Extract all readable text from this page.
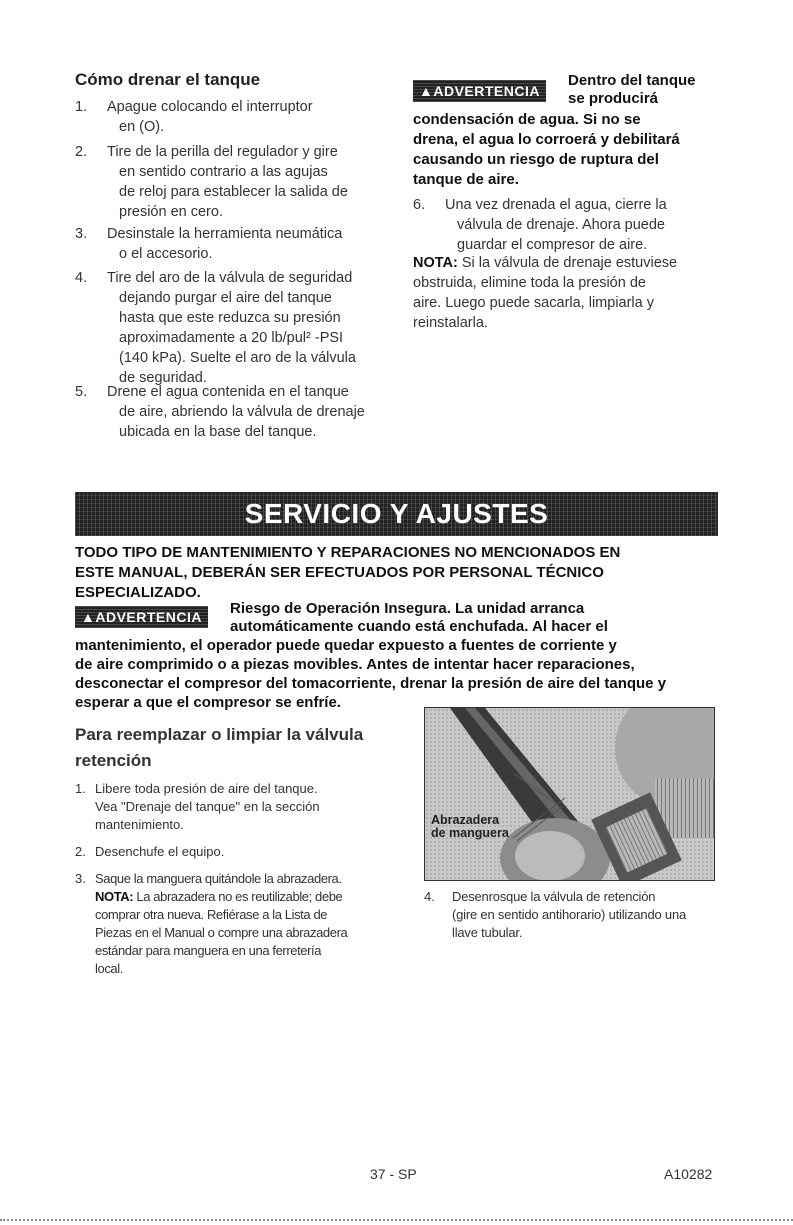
Cómo drenar el tanque
1. Apague colocando el interruptor
en (O).
2. Tire de la perilla del regulador y gire
en sentido contrario a las agujas
de reloj para establecer la salida de
presión en cero.
3. Desinstale la herramienta neumática
o el accesorio.
4. Tire del aro de la válvula de seguridad
dejando purgar el aire del tanque
hasta que este reduzca su presión
aproximadamente a 20 lb/pul² -PSI
(140 kPa). Suelte el aro de la válvula
de seguridad.
5. Drene el agua contenida en el tanque
de aire, abriendo la válvula de drenaje
ubicada en la base del tanque.
▲ADVERTENCIA
Dentro del tanque
se producirá
condensación de agua. Si no se
drena, el agua lo corroerá y debilitará
causando un riesgo de ruptura del
tanque de aire.
6. Una vez drenada el agua, cierre la
válvula de drenaje. Ahora puede
guardar el compresor de aire.
NOTA: Si la válvula de drenaje estuviese
obstruida, elimine toda la presión de
aire. Luego puede sacarla, limpiarla y
reinstalarla.
SERVICIO Y AJUSTES
TODO TIPO DE MANTENIMIENTO Y REPARACIONES NO MENCIONADOS EN
ESTE MANUAL, DEBERÁN SER EFECTUADOS POR PERSONAL TÉCNICO
ESPECIALIZADO.
▲ADVERTENCIA	Riesgo de Operación Insegura. La unidad arranca
automáticamente cuando está enchufada. Al hacer el
mantenimiento, el operador puede quedar expuesto a fuentes de corriente y
de aire comprimido o a piezas movibles. Antes de intentar hacer reparaciones,
desconectar el compresor del tomacorriente, drenar la presión de aire del tanque y
esperar a que el compresor se enfríe.
Para reemplazar o limpiar la válvula
retención
1. Libere toda presión de aire del tanque.
Vea "Drenaje del tanque" en la sección
mantenimiento.
2. Desenchufe el equipo.
3. Saque la manguera quitándole la abrazadera.
NOTA: La abrazadera no es reutilizable; debe
comprar otra nueva. Refiérase a la Lista de
Piezas en el Manual o compre una abrazadera
estándar para manguera en una ferretería
local.
Abrazadera
de manguera
4. Desenrosque la válvula de retención
(gire en sentido antihorario) utilizando una
llave tubular.
37 - SP	A10282
